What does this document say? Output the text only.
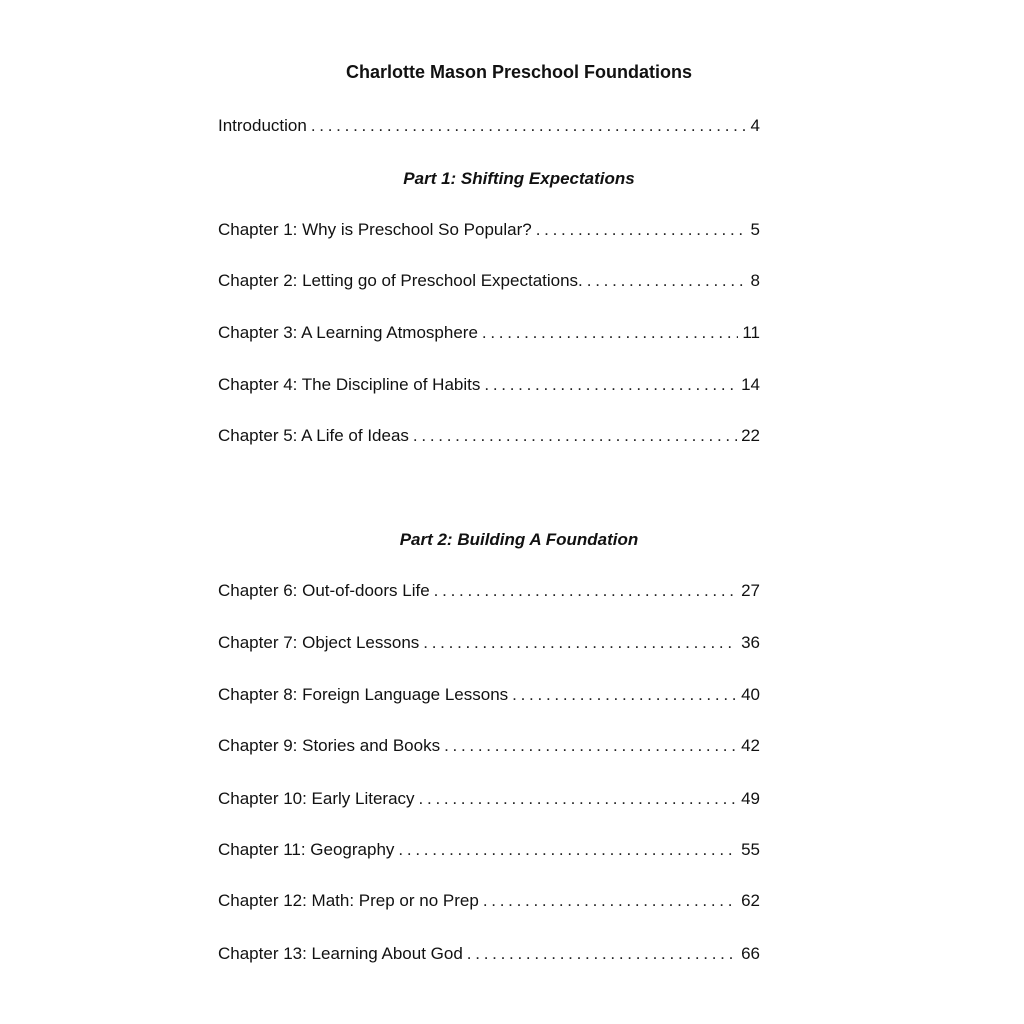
Charlotte Mason Preschool Foundations
Introduction . . .	4
Part 1: Shifting Expectations
Part 2: Building A Foundation
Chapter 1: Why is Preschool So Popular? . . .	5
Chapter 2: Letting go of Preschool Expectations. . . .	8
Chapter 3: A Learning Atmosphere . . .	11
Chapter 4: The Discipline of Habits . . .	14
Chapter 5: A Life of Ideas . . .	22
Chapter 6: Out-of-doors Life . . .	27
Chapter 7: Object Lessons . . .	36
Chapter 8: Foreign Language Lessons . . .	40
Chapter 9: Stories and Books . . .	42
Chapter 10: Early Literacy . . .	49
Chapter 11: Geography . . .	55
Chapter 12: Math: Prep or no Prep . . .	62
Chapter 13: Learning About God . . .	66
